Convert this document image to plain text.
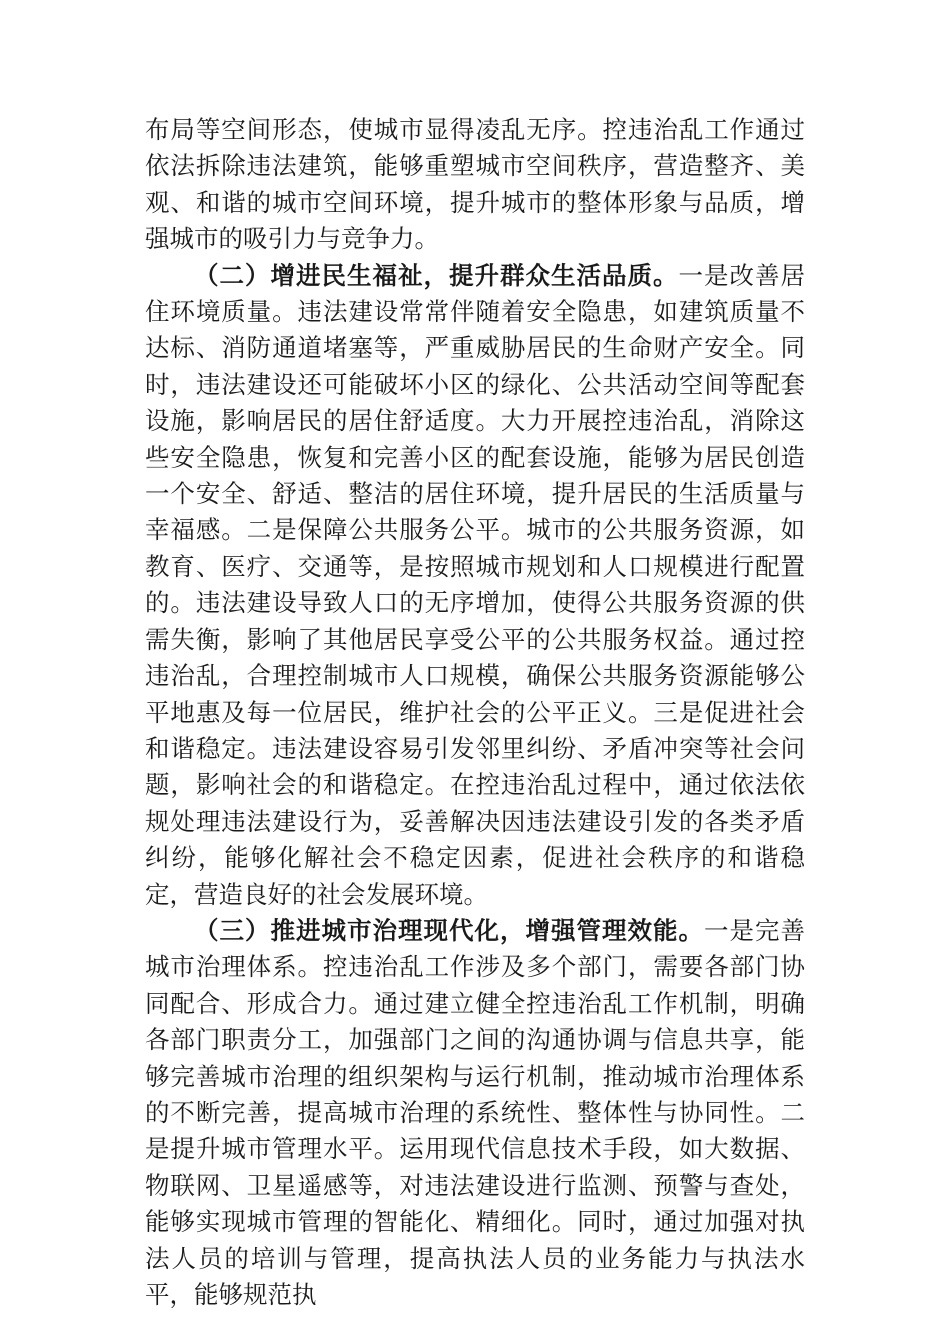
布局等空间形态，使城市显得凌乱无序。控违治乱工作通过依法拆除违法建筑，能够重塑城市空间秩序，营造整齐、美观、和谐的城市空间环境，提升城市的整体形象与品质，增强城市的吸引力与竞争力。

（二）增进民生福祉，提升群众生活品质。一是改善居住环境质量。违法建设常常伴随着安全隐患，如建筑质量不达标、消防通道堵塞等，严重威胁居民的生命财产安全。同时，违法建设还可能破坏小区的绿化、公共活动空间等配套设施，影响居民的居住舒适度。大力开展控违治乱，消除这些安全隐患，恢复和完善小区的配套设施，能够为居民创造一个安全、舒适、整洁的居住环境，提升居民的生活质量与幸福感。二是保障公共服务公平。城市的公共服务资源，如教育、医疗、交通等，是按照城市规划和人口规模进行配置的。违法建设导致人口的无序增加，使得公共服务资源的供需失衡，影响了其他居民享受公平的公共服务权益。通过控违治乱，合理控制城市人口规模，确保公共服务资源能够公平地惠及每一位居民，维护社会的公平正义。三是促进社会和谐稳定。违法建设容易引发邻里纠纷、矛盾冲突等社会问题，影响社会的和谐稳定。在控违治乱过程中，通过依法依规处理违法建设行为，妥善解决因违法建设引发的各类矛盾纠纷，能够化解社会不稳定因素，促进社会秩序的和谐稳定，营造良好的社会发展环境。

（三）推进城市治理现代化，增强管理效能。一是完善城市治理体系。控违治乱工作涉及多个部门，需要各部门协同配合、形成合力。通过建立健全控违治乱工作机制，明确各部门职责分工，加强部门之间的沟通协调与信息共享，能够完善城市治理的组织架构与运行机制，推动城市治理体系的不断完善，提高城市治理的系统性、整体性与协同性。二是提升城市管理水平。运用现代信息技术手段，如大数据、物联网、卫星遥感等，对违法建设进行监测、预警与查处，能够实现城市管理的智能化、精细化。同时，通过加强对执法人员的培训与管理，提高执法人员的业务能力与执法水平，能够规范执
